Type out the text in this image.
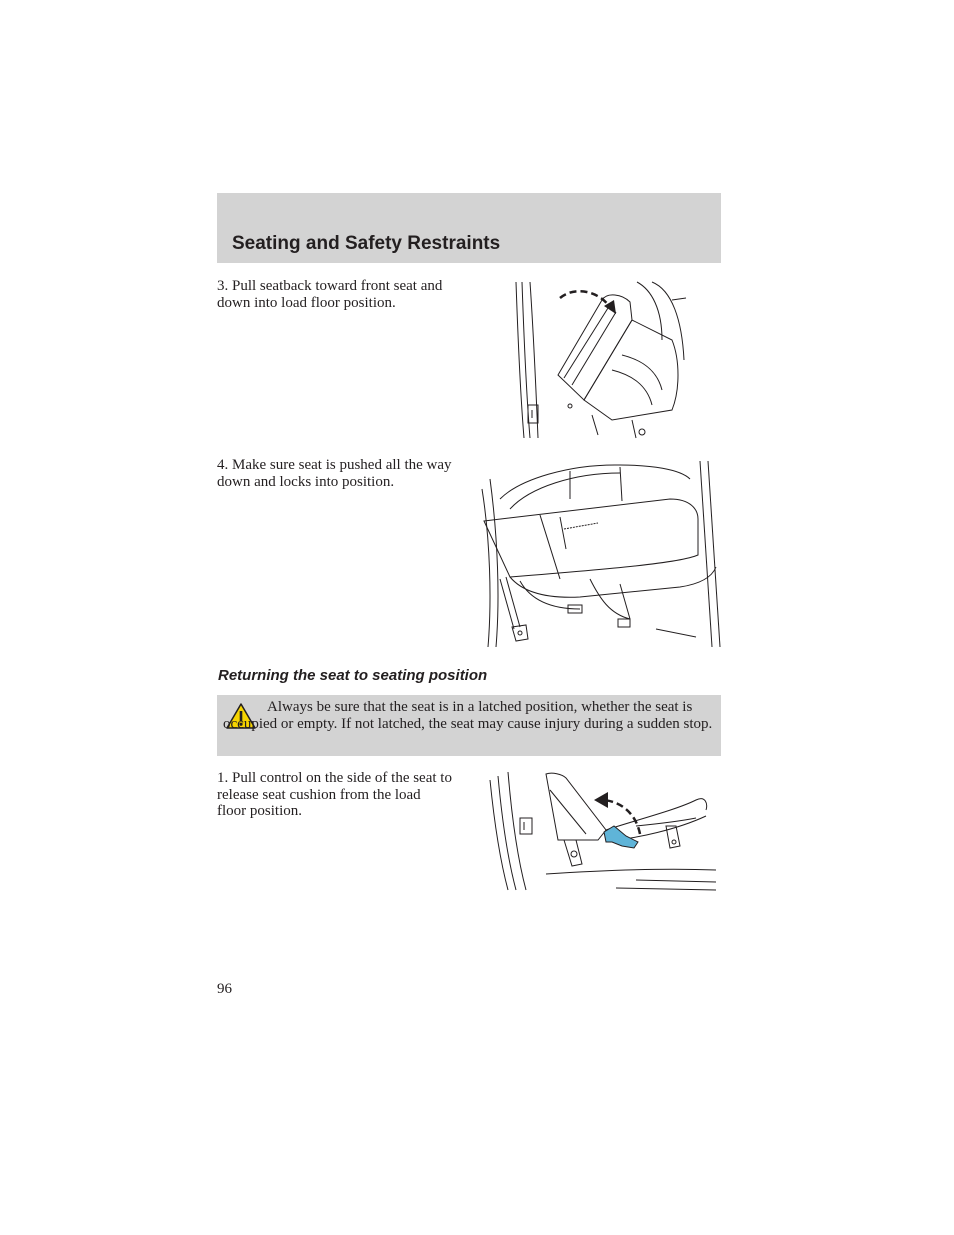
Seating and Safety Restraints
3. Pull seatback toward front seat and down into load floor position.
4. Make sure seat is pushed all the way down and locks into position.
Returning the seat to seating position
Always be sure that the seat is in a latched position, whether the seat is occupied or empty. If not latched, the seat may cause injury during a sudden stop.
1. Pull control on the side of the seat to release seat cushion from the load floor position.
96
